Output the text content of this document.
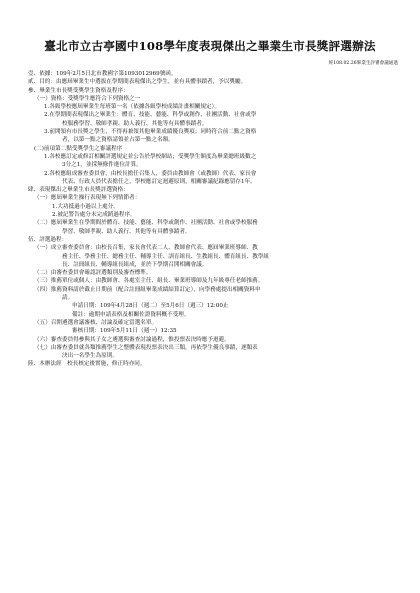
臺北市立古亭國中108學年度表現傑出之畢業生市長獎評選辦法
經108.02.26畢業生評審會議通過
壹、依據：109年2月5日北市教國字第1093012969號函。
貳、目的：由應屆畢業生中選拔在學期間表現傑出之學生，並有具體事蹟者，予以獎勵。
參、畢業生市長獎受獎學生資格及程序：
（一）資格：受獎學生應符合下列資格之一
1.各級學校應屆畢業生每班第一名（依據各級學校成績計畫相關規定）。
2.在學期間表現傑出之畢業生：體育、技能、藝能、科學或創作、社團活動、社會或學
校服務學習、敬師孝親、助人義行、其他等有具體事蹟者。
3.前開領有市長獎之學生，不得再兼領其他畢業成績優良獎項；同時符合前二點之資格
者，以第一點之資格請領並占第一點之名額。
(二)前項第二點受獎學生之審議程序
1.各校應訂定或修訂相關評選規定並公告於學校網站；受獎學生額度為畢業總班級數之
3分之1，並採無條件進位計算。
2.各校應組成審查委員會，由校長擔任召集人，委員由教師會（或教師）代表、家長會
代表、行政人員代表擔任之，學校應訂定迴避原則，相關審議紀錄應留存1年。
肆、表現傑出之畢業生市長獎評選資格：
（一）應屆畢業生操行表現無下列情節者：
1.大功抵過小過以上處分。
2.被記警告處分未完成銷過程序。
（二）應屆畢業生在學期間於體育、技能、藝能、科學或創作、社團活動、社會或學校服務
學習、敬師孝親、助人義行、其他等有具體事蹟者。
伍、評選過程：
（一）成立審查委員會：由校長召集，家長會代表二人、教師會代表、應屆畢業班導師、教
務主任、學務主任、總務主任、輔導主任、訓育組長、生教組長、體育組長、教學組
長、註冊組長、輔導組長組成，並於下學期召開相關會議。
（二）由審查委員會確認評選類別及審查標準。
（三）推薦單位或個人：由教師會、各處室主任、組長、畢業班導師及九年級專任老師推薦。
（四）推薦資料請於截止日期前（配合註冊組畢業成績結算訂定），向學務處提出相關資料申
請。
申請日期：109年4月28日（週二）至5月6日（週三）12:00止
備註：逾期申請表格及相關佐證資料概不受理。
（五）召開遴選會議審核、討論及確定當選名單。
審核日期：109年5月11日（週一）12:35
（六）審查委員得參與其子女之遴選與審查討論過程，惟投票表決時應予迴避。
（七）由審查委員就各類推薦學生之整體表現投票表決出三類，再依學生優良事蹟，逐類表
決出一名學生為原則。
陸、本辦法經　校長核定後實施，修正時亦同。
